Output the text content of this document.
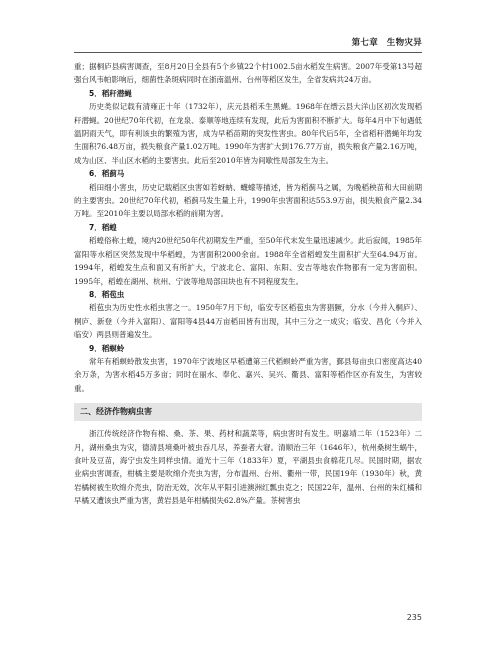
第七章　生物灾异

重；据桐庐县病害调查，至8月20日全县有5个乡镇22个村1002.5亩水稻发生病害。2007年受第13号超强台风韦帕影响后，细菌性条斑病同时在浙南温州、台州等稻区发生，全省发病共24万亩。

5．稻秆潜蝇

历史类似记载有清雍正十年（1732年），庆元县稻禾生黑蝇。1968年在缙云县大洋山区初次发现稻秆潜蝇。20世纪70年代初，在龙泉、泰顺等地连续有发现，此后为害面积不断扩大。每年4月中下旬遇低温阴雨天气，即有利该虫的繁殖为害，成为早稻苗期的突发性害虫。80年代后5年，全省稻秆潜蝇年均发生面积76.48万亩，损失粮食产量1.02万吨。1990年为害扩大到176.77万亩，损失粮食产量2.16万吨，成为山区、半山区水稻的主要害虫。此后至2010年皆为间歇性局部发生为主。

6．稻蓟马

稻田细小害虫，历史记载稻区虫害如若蚜蚋、蠛蠓等描述，皆为稻蓟马之属，为晚稻秧苗和大田前期的主要害虫。20世纪70年代初，稻蓟马发生量上升，1990年虫害面积达553.9万亩，损失粮食产量2.34万吨。至2010年主要以局部水稻的前期为害。

7．稻蝗

稻蝗俗称土蝗，境内20世纪50年代初期发生严重，至50年代末发生量迅速减少。此后寂闻，1985年富阳等水稻区突然发现中华稻蝗，为害面积2000余亩。1988年全省稻蝗发生面积扩大至64.94万亩。1994年，稻蝗发生点和面又有所扩大，宁波北仑、富阳、东阳、安吉等地农作物都有一定为害面积。1995年，稻蝗在湖州、杭州、宁波等地局部田块也有不同程度发生。

8．稻苞虫

稻苞虫为历史性水稻虫害之一。1950年7月下旬，临安专区稻苞虫为害猖獗，分水（今并入桐庐）、桐庐、新登（今并入富阳）、富阳等4县44万亩稻田皆有出现，其中三分之一成灾；临安、昌化（今并入临安）两县则普遍发生。

9．稻螟蛉

常年有稻螟蛉散发虫害，1970年宁波地区早稻遭第三代稻螟蛉严重为害，鄞县每亩虫口密度高达40余万条，为害水稻45万多亩；同时在丽水、奉化、嘉兴、吴兴、衢县、富阳等稻作区亦有发生，为害较重。

二、经济作物病虫害

浙江传统经济作物有棉、桑、茶、果、药材和蔬菜等，病虫害时有发生。明嘉靖二年（1523年）二月，湖州桑虫为灾，德清县境桑叶被虫吞几尽，养蚕者大窘。清顺治三年（1646年），杭州桑树生蜗牛，食叶及豆苗，海宁虫发生同样虫情。道光十三年（1833年）夏，平湖县虫食棉花几尽。民国时期，据农业病虫害调查，柑橘主要是吹绵介壳虫为害，分布温州、台州、衢州一带，民国19年（1930年）秋，黄岩橘树被生吹绵介壳虫，防治无效，次年从平阳引进澳洲红瓢虫克之；民国22年，温州、台州的朱红橘和早橘又遭该虫严重为害，黄岩县是年柑橘损失62.8%产量。茶树害虫

235
